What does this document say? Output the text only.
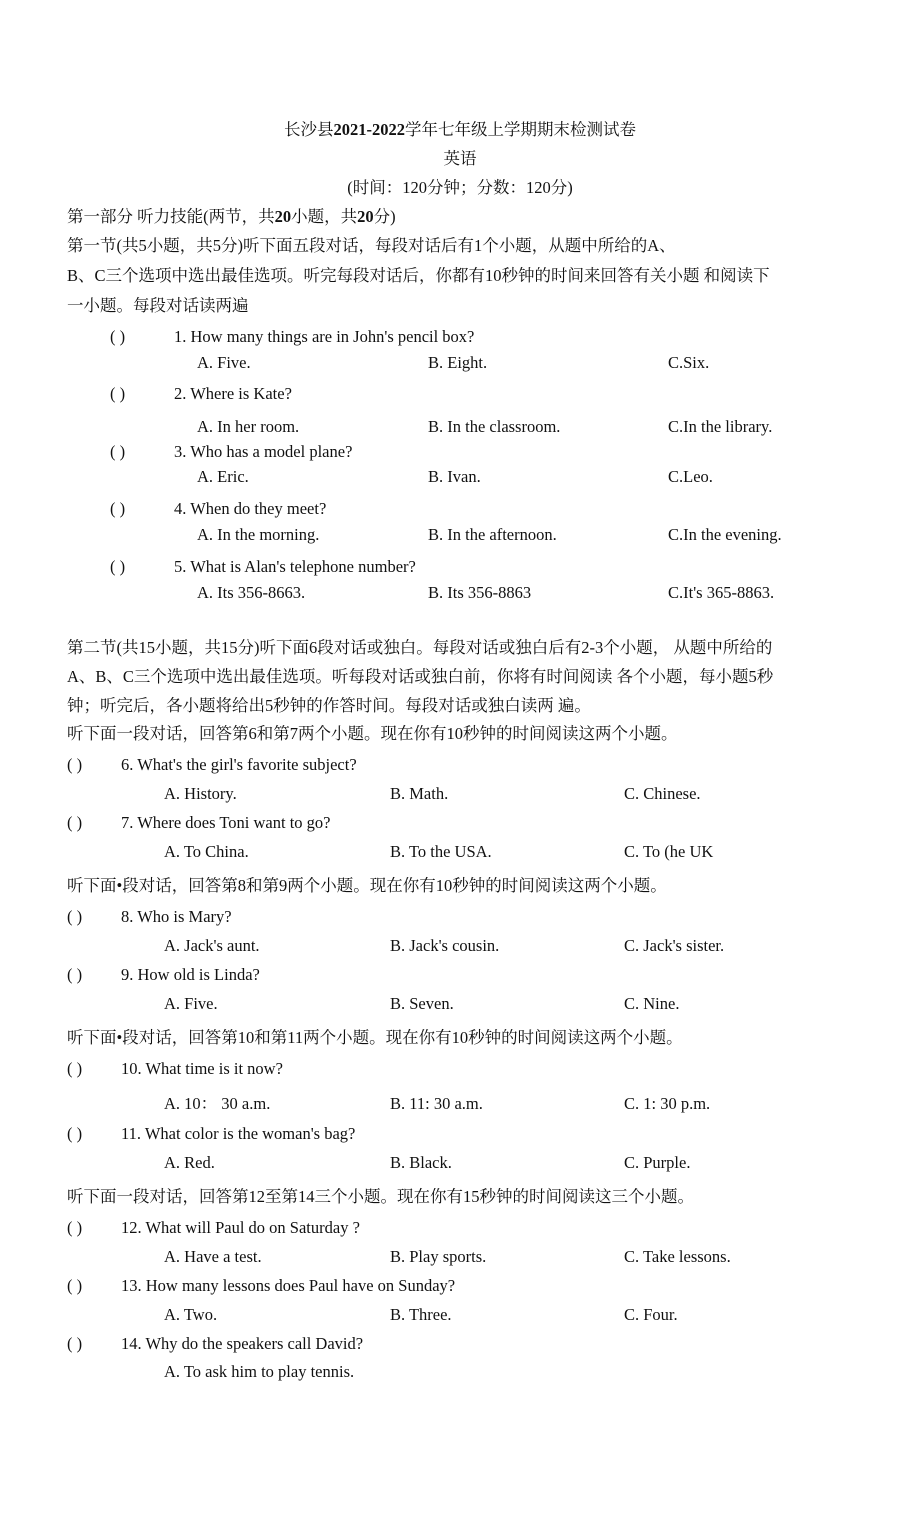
长沙县2021-2022学年七年级上学期期末检测试卷
英语
(时间：120分钟；分数：120分)
第一部分 听力技能(两节，共20小题，共20分)
第一节(共5小题，共5分)听下面五段对话，每段对话后有1个小题，从题中所给的A、
B、C三个选项中选出最佳选项。听完每段对话后，你都有10秒钟的时间来回答有关小题 和阅读下
一小题。每段对话读两遍
( )	1. How many things are in John's pencil box?
A. Five.	B. Eight.	C.Six.
( )	2. Where is Kate?
A. In her room.	B. In the classroom.	C.In the library.
( )	3. Who has a model plane?
A. Eric.	B. Ivan.	C.Leo.
( )	4. When do they meet?
A. In the morning.	B. In the afternoon.	C.In the evening.
( )	5. What is Alan's telephone number?
A. Its 356-8663.	B. Its 356-8863	C.It's 365-8863.
第二节(共15小题，共15分)听下面6段对话或独白。每段对话或独白后有2-3个小题， 从题中所给的
A、B、C三个选项中选出最佳选项。听每段对话或独白前，你将有时间阅读 各个小题，每小题5秒
钟；听完后，各小题将给出5秒钟的作答时间。每段对话或独白读两 遍。
听下面一段对话，回答第6和第7两个小题。现在你有10秒钟的时间阅读这两个小题。
( ) 6. What's the girl's favorite subject?
A. History.	B. Math.	C. Chinese.
( ) 7. Where does Toni want to go?
A. To China.	B. To the USA.	C. To (he UK
听下面•段对话，回答第8和第9两个小题。现在你有10秒钟的时间阅读这两个小题。
( ) 8. Who is Mary?
A. Jack's aunt.	B. Jack's cousin.	C. Jack's sister.
( ) 9. How old is Linda?
A. Five.	B. Seven.	C. Nine.
听下面•段对话，回答第10和第11两个小题。现在你有10秒钟的时间阅读这两个小题。
( ) 10. What time is it now?
A. 10： 30 a.m.	B. 11: 30 a.m.	C. 1: 30 p.m.
( ) 11. What color is the woman's bag?
A. Red.	B. Black.	C. Purple.
听下面一段对话，回答第12至第14三个小题。现在你有15秒钟的时间阅读这三个小题。
( ) 12. What will Paul do on Saturday ?
A. Have a test.	B. Play sports.	C. Take lessons.
( ) 13. How many lessons does Paul have on Sunday?
A. Two.	B. Three.	C. Four.
( ) 14. Why do the speakers call David?
A. To ask him to play tennis.
